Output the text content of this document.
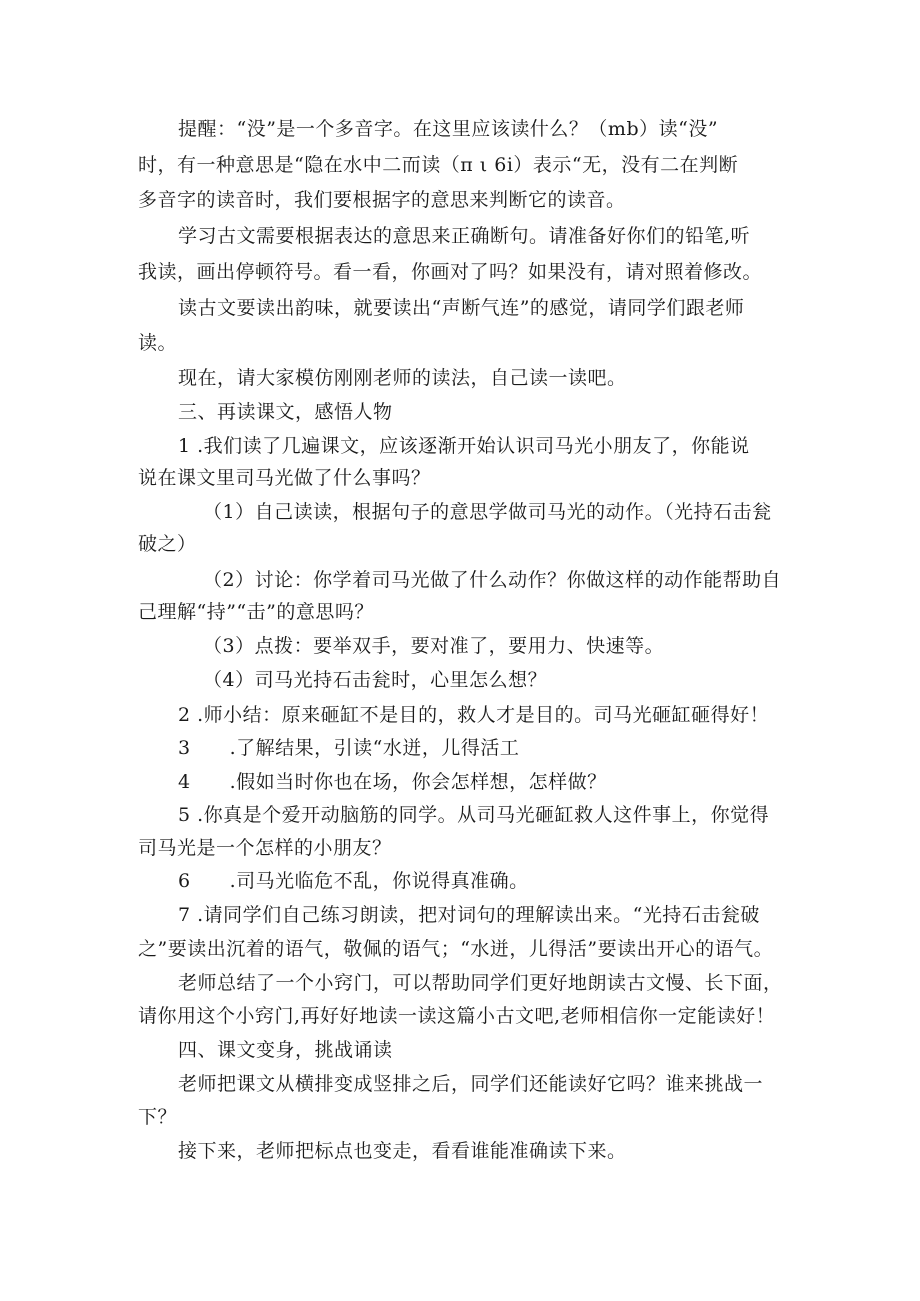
提醒：“没”是一个多音字。在这里应该读什么？（mb）读“没”
时，有一种意思是“隐在水中二而读（π ι 6i）表示“无，没有二在判断
多音字的读音时，我们要根据字的意思来判断它的读音。
学习古文需要根据表达的意思来正确断句。请准备好你们的铅笔,听
我读，画出停顿符号。看一看，你画对了吗？如果没有，请对照着修改。
读古文要读出韵味，就要读出“声断气连”的感觉，请同学们跟老师
读。
现在，请大家模仿刚刚老师的读法，自己读一读吧。
三、再读课文，感悟人物
1 .我们读了几遍课文，应该逐渐开始认识司马光小朋友了，你能说
说在课文里司马光做了什么事吗？
（1）自己读读，根据句子的意思学做司马光的动作。（光持石击瓮
破之）
（2）讨论：你学着司马光做了什么动作？你做这样的动作能帮助自
己理解“持”“击”的意思吗？
（3）点拨：要举双手，要对准了，要用力、快速等。
（4）司马光持石击瓮时，心里怎么想？
2 .师小结：原来砸缸不是目的，救人才是目的。司马光砸缸砸得好！
3　　.了解结果，引读“水迸，儿得活工
4　　.假如当时你也在场，你会怎样想，怎样做？
5 .你真是个爱开动脑筋的同学。从司马光砸缸救人这件事上，你觉得
司马光是一个怎样的小朋友？
6　　.司马光临危不乱，你说得真准确。
7 .请同学们自己练习朗读，把对词句的理解读出来。“光持石击瓮破
之”要读出沉着的语气，敬佩的语气；“水迸，儿得活”要读出开心的语气。
老师总结了一个小窍门，可以帮助同学们更好地朗读古文慢、长下面，
请你用这个小窍门,再好好地读一读这篇小古文吧,老师相信你一定能读好！
四、课文变身，挑战诵读
老师把课文从横排变成竖排之后，同学们还能读好它吗？谁来挑战一
下？
接下来，老师把标点也变走，看看谁能准确读下来。
